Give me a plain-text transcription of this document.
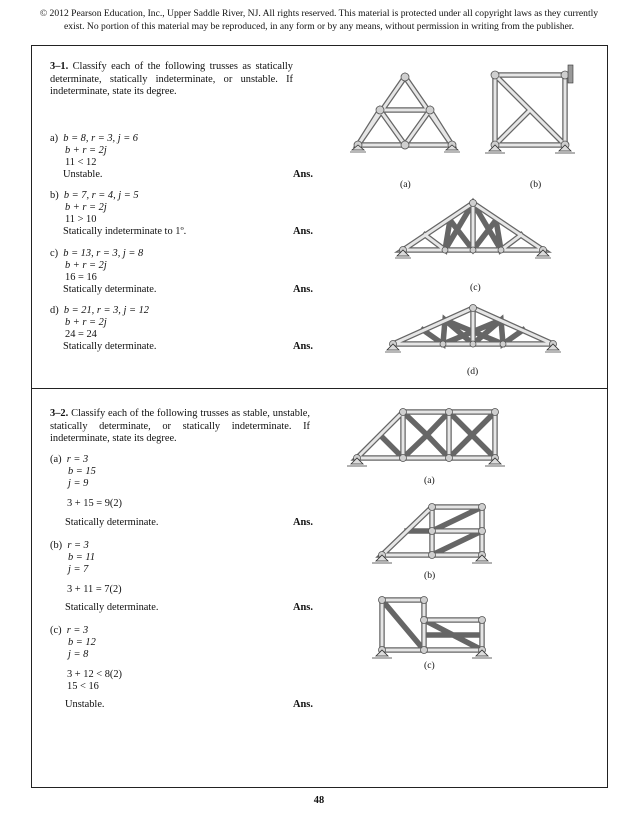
© 2012 Pearson Education, Inc., Upper Saddle River, NJ. All rights reserved. This material is protected under all copyright laws as they currently
exist. No portion of this material may be reproduced, in any form or by any means, without permission in writing from the publisher.
3–1. Classify each of the following trusses as statically determinate, statically indeterminate, or unstable. If indeterminate, state its degree.
a) b = 8, r = 3, j = 6
b + r = 2j
11 < 12
Unstable.	Ans.
b) b = 7, r = 4, j = 5
b + r = 2j
11 > 10
Statically indeterminate to 1º.	Ans.
c) b = 13, r = 3, j = 8
b + r = 2j
16 = 16
Statically determinate.	Ans.
d) b = 21, r = 3, j = 12
b + r = 2j
24 = 24
Statically determinate.	Ans.
(a)	(b)
(c)
(d)
3–2. Classify each of the following trusses as stable, unstable, statically determinate, or statically indeterminate. If indeterminate, state its degree.
(a) r = 3
b = 15
j = 9
3 + 15 = 9(2)
Statically determinate.	Ans.
(b) r = 3
b = 11
j = 7
3 + 11 = 7(2)
Statically determinate.	Ans.
(c) r = 3
b = 12
j = 8
3 + 12 < 8(2)
15 < 16
Unstable.	Ans.
(a)
(b)
(c)
48
